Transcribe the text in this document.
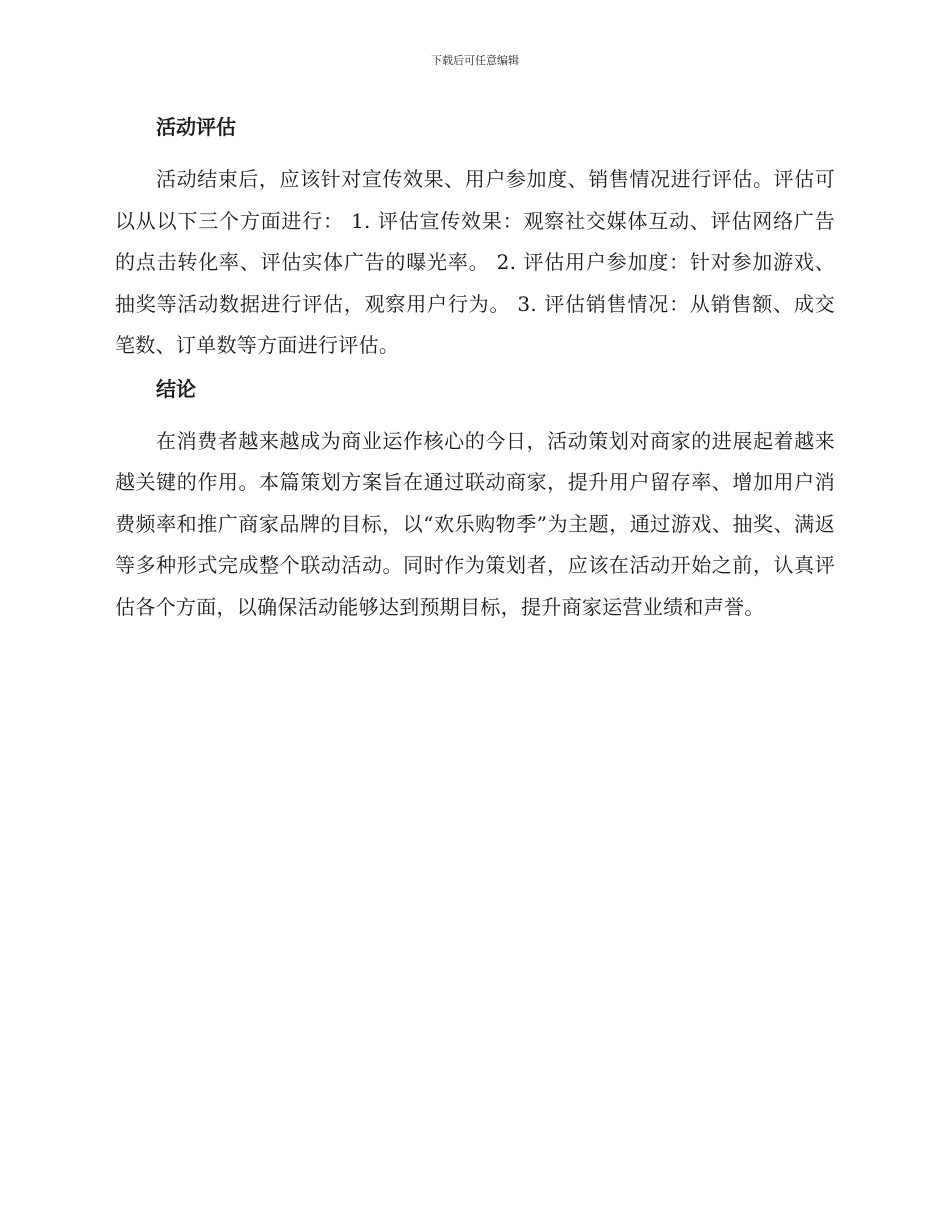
下载后可任意编辑
活动评估

活动结束后，应该针对宣传效果、用户参加度、销售情况进行评估。评估可以从以下三个方面进行： 1. 评估宣传效果：观察社交媒体互动、评估网络广告的点击转化率、评估实体广告的曝光率。 2. 评估用户参加度：针对参加游戏、抽奖等活动数据进行评估，观察用户行为。 3. 评估销售情况：从销售额、成交笔数、订单数等方面进行评估。

结论

在消费者越来越成为商业运作核心的今日，活动策划对商家的进展起着越来越关键的作用。本篇策划方案旨在通过联动商家，提升用户留存率、增加用户消费频率和推广商家品牌的目标，以“欢乐购物季”为主题，通过游戏、抽奖、满返等多种形式完成整个联动活动。同时作为策划者，应该在活动开始之前，认真评估各个方面，以确保活动能够达到预期目标，提升商家运营业绩和声誉。
